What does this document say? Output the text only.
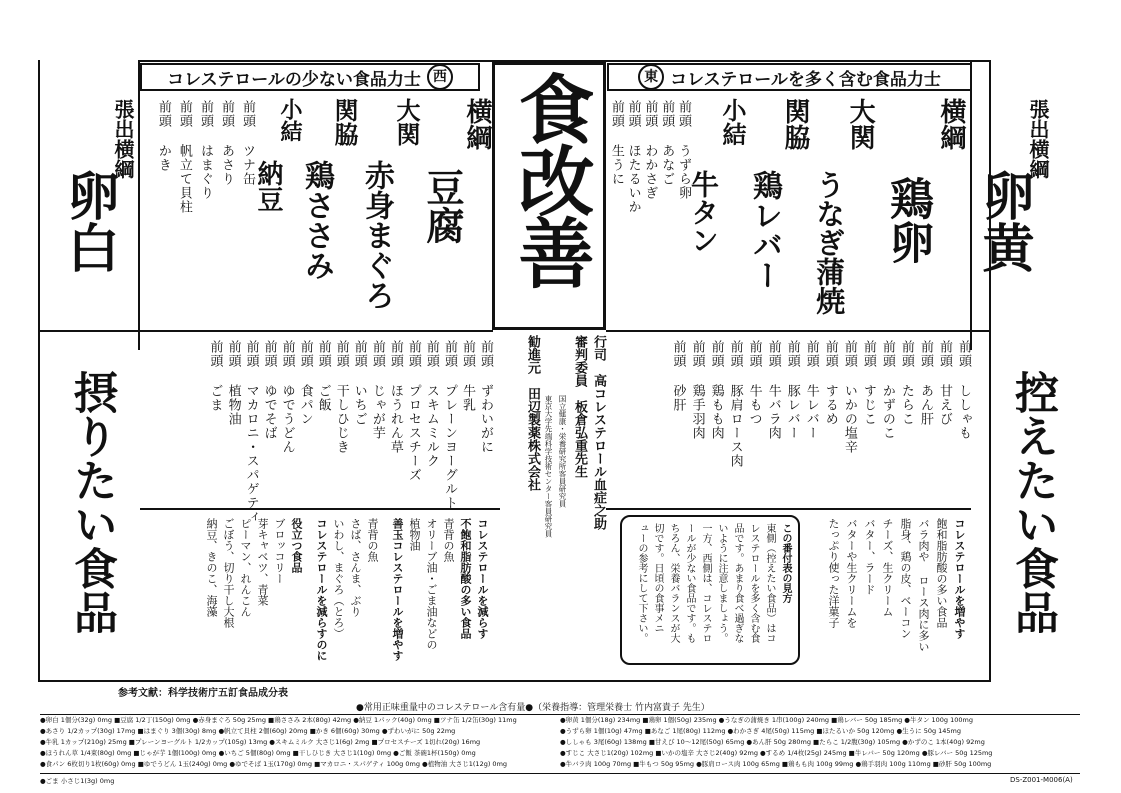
コレステロールの少ない食品力士 西	東 コレステロールを多く含む食品力士
食改善	張出横綱
卵黄
張出横綱
卵白
横綱
鶏卵
大関
うなぎ蒲焼
関脇
鶏レバー
小結
牛タン
前頭 うずら卵
前頭 あなご
前頭 わかさぎ
前頭 ほたるいか
前頭 生うに
横綱
豆腐
大関
赤身まぐろ
関脇
鶏ささみ
小結
納豆
前頭 ツナ缶
前頭 あさり
前頭 はまぐり
前頭 帆立て貝柱
前頭 かき
前頭 ししゃも
前頭 甘えび
前頭 あん肝
前頭 たらこ
前頭 かずのこ
前頭 すじこ
前頭 いかの塩辛
前頭 するめ
前頭 牛レバー
前頭 豚レバー
前頭 牛バラ肉
前頭 牛もつ
前頭 豚肩ロース肉
前頭 鶏もも肉
前頭 鶏手羽肉
前頭 砂肝
前頭 ずわいがに
前頭 牛乳
前頭 プレーンヨーグルト
前頭 スキムミルク
前頭 プロセスチーズ
前頭 ほうれん草
前頭 じゃが芋
前頭 いちご
前頭 干しひじき
前頭 ご飯
前頭 食パン
前頭 ゆでうどん
前頭 ゆでそば
前頭 マカロニ・スパゲティ
前頭 植物油
前頭 ごま
行司　高コレステロール血症之助
審判委員　板倉弘重先生
国立健康・栄養研究所客員研究員
東京大学先端科学技術センター客員研究員
勧進元　田辺製薬株式会社	控えたい食品
摂りたい食品	コレステロールを増やす
飽和脂肪酸の多い食品
バラ肉や ロース肉に多い
脂身、鶏の皮、ベーコン
チーズ、生クリーム
バター、ラード
バターや生クリームを
たっぷり使った洋菓子
この番付表の見方
東側（控えたい食品）はコ
レステロールを多く含む食
品です。あまり食べ過ぎな
いように注意しましょう。
一方、西側は、コレステロ
ールが少ない食品です。も
ちろん、栄養バランスが大
切です。日頃の食事メニ
ューの参考にして下さい。
コレステロールを減らす
不飽和脂肪酸の多い食品
青背の魚
オリーブ油・ごま油などの
植物油
善玉コレステロールを増やす
青背の魚
さば、さんま、ぶり
いわし、まぐろ（とろ）
コレステロールを減らすのに
役立つ食品
ブロッコリー
芽キャベツ、青菜
ピーマン、れんこん
ごぼう、切り干し大根
納豆、きのこ、海藻
参考文献：科学技術庁五訂食品成分表
●常用正味重量中のコレステロール含有量●（栄養指導：管理栄養士 竹内富貴子 先生）
●卵白 1個分(32g) 0mg ■豆腐 1/2丁(150g) 0mg ●赤身まぐろ 50g 25mg ■鶏ささみ 2本(80g) 42mg ●納豆 1パック(40g) 0mg ■ツナ缶 1/2缶(30g) 11mg
●あさり 1/2カップ(30g) 17mg ■はまぐり 3個(30g) 8mg ●帆立て貝柱 2個(60g) 20mg ■かき 6個(60g) 30mg ●ずわいがに 50g 22mg
●牛乳 1カップ(210g) 25mg ■プレーンヨーグルト 1/2カップ(105g) 13mg ●スキムミルク 大さじ1(6g) 2mg ■プロセスチーズ 1切れ(20g) 16mg
●ほうれん草 1/4束(80g) 0mg ■じゃが芋 1個(100g) 0mg ●いちご 5個(80g) 0mg ■干しひじき 大さじ1(10g) 0mg ●ご飯 茶碗1杯(150g) 0mg
●食パン 6枚切り1枚(60g) 0mg ■ゆでうどん 1玉(240g) 0mg ●ゆでそば 1玉(170g) 0mg ■マカロニ・スパゲティ 100g 0mg ●植物油 大さじ1(12g) 0mg
●卵黄 1個分(18g) 234mg ■鶏卵 1個(50g) 235mg ●うなぎの蒲焼き 1串(100g) 240mg ■鶏レバー 50g 185mg ●牛タン 100g 100mg
●うずら卵 1個(10g) 47mg ■あなご 1尾(80g) 112mg ●わかさぎ 4尾(50g) 115mg ■ほたるいか 50g 120mg ●生うに 50g 145mg
●ししゃも 3尾(60g) 138mg ■甘えび 10〜12尾(50g) 65mg ●あん肝 50g 280mg ■たらこ 1/2腹(30g) 105mg ●かずのこ 1本(40g) 92mg
●すじこ 大さじ1(20g) 102mg ■いかの塩辛 大さじ2(40g) 92mg ●するめ 1/4枚(25g) 245mg ■牛レバー 50g 120mg ●豚レバー 50g 125mg
●牛バラ肉 100g 70mg ■牛もつ 50g 95mg ●豚肩ロース肉 100g 65mg ■鶏もも肉 100g 99mg ●鶏手羽肉 100g 110mg ■砂肝 50g 100mg
●ごま 小さじ1(3g) 0mg	DS-Z001-M006(A)
